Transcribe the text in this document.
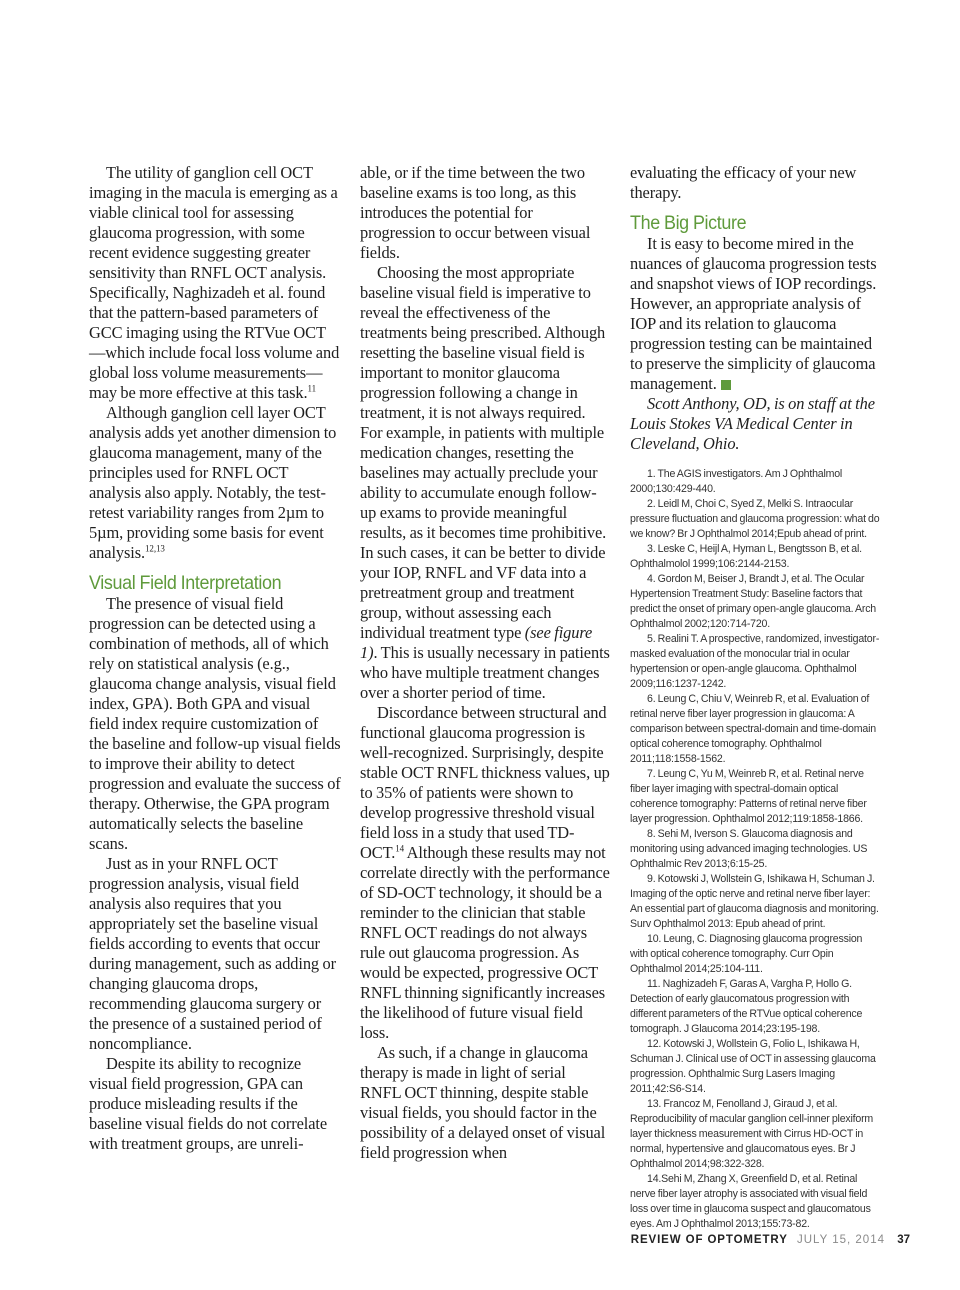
The utility of ganglion cell OCT imaging in the macula is emerging as a viable clinical tool for assessing glaucoma progression, with some recent evidence suggesting greater sensitivity than RNFL OCT analysis. Specifically, Naghizadeh et al. found that the pattern-based parameters of GCC imaging using the RTVue OCT—which include focal loss volume and global loss volume measurements—may be more effective at this task.$^{11}$

Although ganglion cell layer OCT analysis adds yet another dimension to glaucoma management, many of the principles used for RNFL OCT analysis also apply. Notably, the test-retest variability ranges from 2µm to 5µm, providing some basis for event analysis.$^{12,13}$

Visual Field Interpretation

The presence of visual field progression can be detected using a combination of methods, all of which rely on statistical analysis (e.g., glaucoma change analysis, visual field index, GPA). Both GPA and visual field index require customization of the baseline and follow-up visual fields to improve their ability to detect progression and evaluate the success of therapy. Otherwise, the GPA program automatically selects the baseline scans.

Just as in your RNFL OCT progression analysis, visual field analysis also requires that you appropriately set the baseline visual fields according to events that occur during management, such as adding or changing glaucoma drops, recommending glaucoma surgery or the presence of a sustained period of noncompliance.

Despite its ability to recognize visual field progression, GPA can produce misleading results if the baseline visual fields do not correlate with treatment groups, are unreli-

able, or if the time between the two baseline exams is too long, as this introduces the potential for progression to occur between visual fields.

Choosing the most appropriate baseline visual field is imperative to reveal the effectiveness of the treatments being prescribed. Although resetting the baseline visual field is important to monitor glaucoma progression following a change in treatment, it is not always required. For example, in patients with multiple medication changes, resetting the baselines may actually preclude your ability to accumulate enough follow-up exams to provide meaningful results, as it becomes time prohibitive. In such cases, it can be better to divide your IOP, RNFL and VF data into a pretreatment group and treatment group, without assessing each individual treatment type (see figure 1). This is usually necessary in patients who have multiple treatment changes over a shorter period of time.

Discordance between structural and functional glaucoma progression is well-recognized. Surprisingly, despite stable OCT RNFL thickness values, up to 35% of patients were shown to develop progressive threshold visual field loss in a study that used TD-OCT.$^{14}$ Although these results may not correlate directly with the performance of SD-OCT technology, it should be a reminder to the clinician that stable RNFL OCT readings do not always rule out glaucoma progression. As would be expected, progressive OCT RNFL thinning significantly increases the likelihood of future visual field loss.

As such, if a change in glaucoma therapy is made in light of serial RNFL OCT thinning, despite stable visual fields, you should factor in the possibility of a delayed onset of visual field progression when

evaluating the efficacy of your new therapy.

The Big Picture

It is easy to become mired in the nuances of glaucoma progression tests and snapshot views of IOP recordings. However, an appropriate analysis of IOP and its relation to glaucoma progression testing can be maintained to preserve the simplicity of glaucoma management.

Scott Anthony, OD, is on staff at the Louis Stokes VA Medical Center in Cleveland, Ohio.

1. The AGIS investigators. Am J Ophthalmol 2000;130:429-440.

2. Leidl M, Choi C, Syed Z, Melki S. Intraocular pressure fluctuation and glaucoma progression: what do we know? Br J Ophthalmol 2014;Epub ahead of print.

3. Leske C, Heijl A, Hyman L, Bengtsson B, et al. Ophthalmolol 1999;106:2144-2153.

4. Gordon M, Beiser J, Brandt J, et al. The Ocular Hypertension Treatment Study: Baseline factors that predict the onset of primary open-angle glaucoma. Arch Ophthalmol 2002;120:714-720.

5. Realini T. A prospective, randomized, investigator-masked evaluation of the monocular trial in ocular hypertension or open-angle glaucoma. Ophthalmol 2009;116:1237-1242.

6. Leung C, Chiu V, Weinreb R, et al. Evaluation of retinal nerve fiber layer progression in glaucoma: A comparison between spectral-domain and time-domain optical coherence tomography. Ophthalmol 2011;118:1558-1562.

7. Leung C, Yu M, Weinreb R, et al. Retinal nerve fiber layer imaging with spectral-domain optical coherence tomography: Patterns of retinal nerve fiber layer progression. Ophthalmol 2012;119:1858-1866.

8. Sehi M, Iverson S. Glaucoma diagnosis and monitoring using advanced imaging technologies. US Ophthalmic Rev 2013;6:15-25.

9. Kotowski J, Wollstein G, Ishikawa H, Schuman J. Imaging of the optic nerve and retinal nerve fiber layer: An essential part of glaucoma diagnosis and monitoring. Surv Ophthalmol 2013: Epub ahead of print.

10. Leung, C. Diagnosing glaucoma progression with optical coherence tomography. Curr Opin Ophthalmol 2014;25:104-111.

11. Naghizadeh F, Garas A, Vargha P, Hollo G. Detection of early glaucomatous progression with different parameters of the RTVue optical coherence tomograph. J Glaucoma 2014;23:195-198.

12. Kotowski J, Wollstein G, Folio L, Ishikawa H, Schuman J. Clinical use of OCT in assessing glaucoma progression. Ophthalmic Surg Lasers Imaging 2011;42:S6-S14.

13. Francoz M, Fenolland J, Giraud J, et al. Reproducibility of macular ganglion cell-inner plexiform layer thickness measurement with Cirrus HD-OCT in normal, hypertensive and glaucomatous eyes. Br J Ophthalmol 2014;98:322-328.

14.Sehi M, Zhang X, Greenfield D, et al. Retinal nerve fiber layer atrophy is associated with visual field loss over time in glaucoma suspect and glaucomatous eyes. Am J Ophthalmol 2013;155:73-82.

REVIEW OF OPTOMETRY JULY 15, 2014 37
